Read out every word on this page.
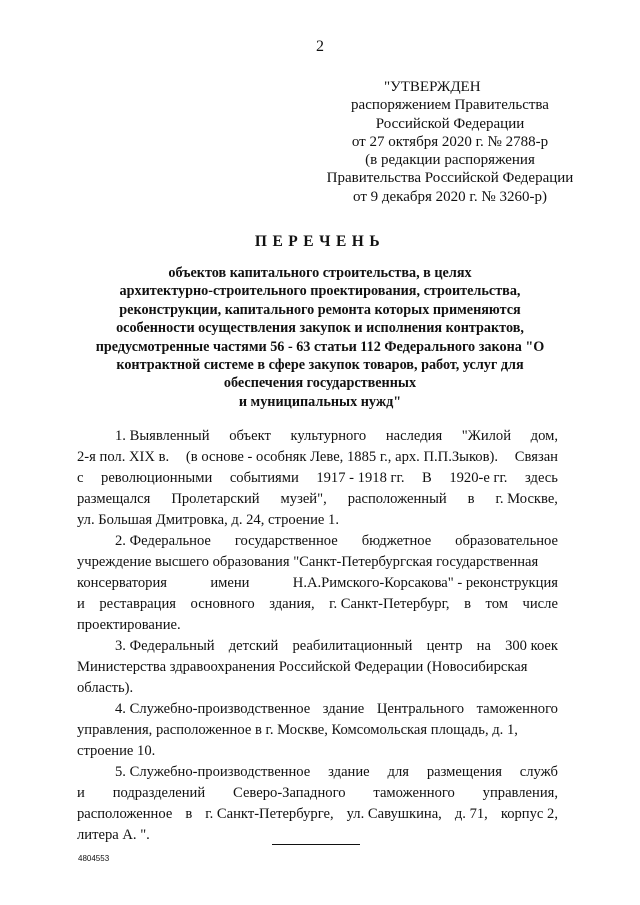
2
"УТВЕРЖДЕН
распоряжением Правительства
Российской Федерации
от 27 октября 2020 г. № 2788-р
(в редакции распоряжения
Правительства Российской Федерации
от 9 декабря 2020 г. № 3260-р)
ПЕРЕЧЕНЬ
объектов капитального строительства, в целях
архитектурно-строительного проектирования, строительства,
реконструкции, капитального ремонта которых применяются
особенности осуществления закупок и исполнения контрактов,
предусмотренные частями 56 - 63 статьи 112 Федерального закона "О
контрактной системе в сфере закупок товаров, работ, услуг для
обеспечения государственных
и муниципальных нужд"
1. Выявленный объект культурного наследия "Жилой дом,
2-я пол. XIX в. (в основе - особняк Леве, 1885 г., арх. П.П.Зыков). Связан
с революционными событиями 1917 - 1918 гг. В 1920-е гг. здесь
размещался Пролетарский музей", расположенный в г. Москве,
ул. Большая Дмитровка, д. 24, строение 1.
2. Федеральное государственное бюджетное образовательное
учреждение высшего образования "Санкт-Петербургская государственная
консерватория	имени	Н.А.Римского-Корсакова" - реконструкция
и реставрация основного здания, г. Санкт-Петербург, в том числе
проектирование.
3. Федеральный детский реабилитационный центр на 300 коек
Министерства здравоохранения Российской Федерации (Новосибирская
область).
4. Служебно-производственное здание Центрального таможенного
управления, расположенное в г. Москве, Комсомольская площадь, д. 1,
строение 10.
5. Служебно-производственное здание для размещения служб
и подразделений Северо-Западного таможенного управления,
расположенное в г. Санкт-Петербурге, ул. Савушкина, д. 71, корпус 2,
литера А. ".
4804553
